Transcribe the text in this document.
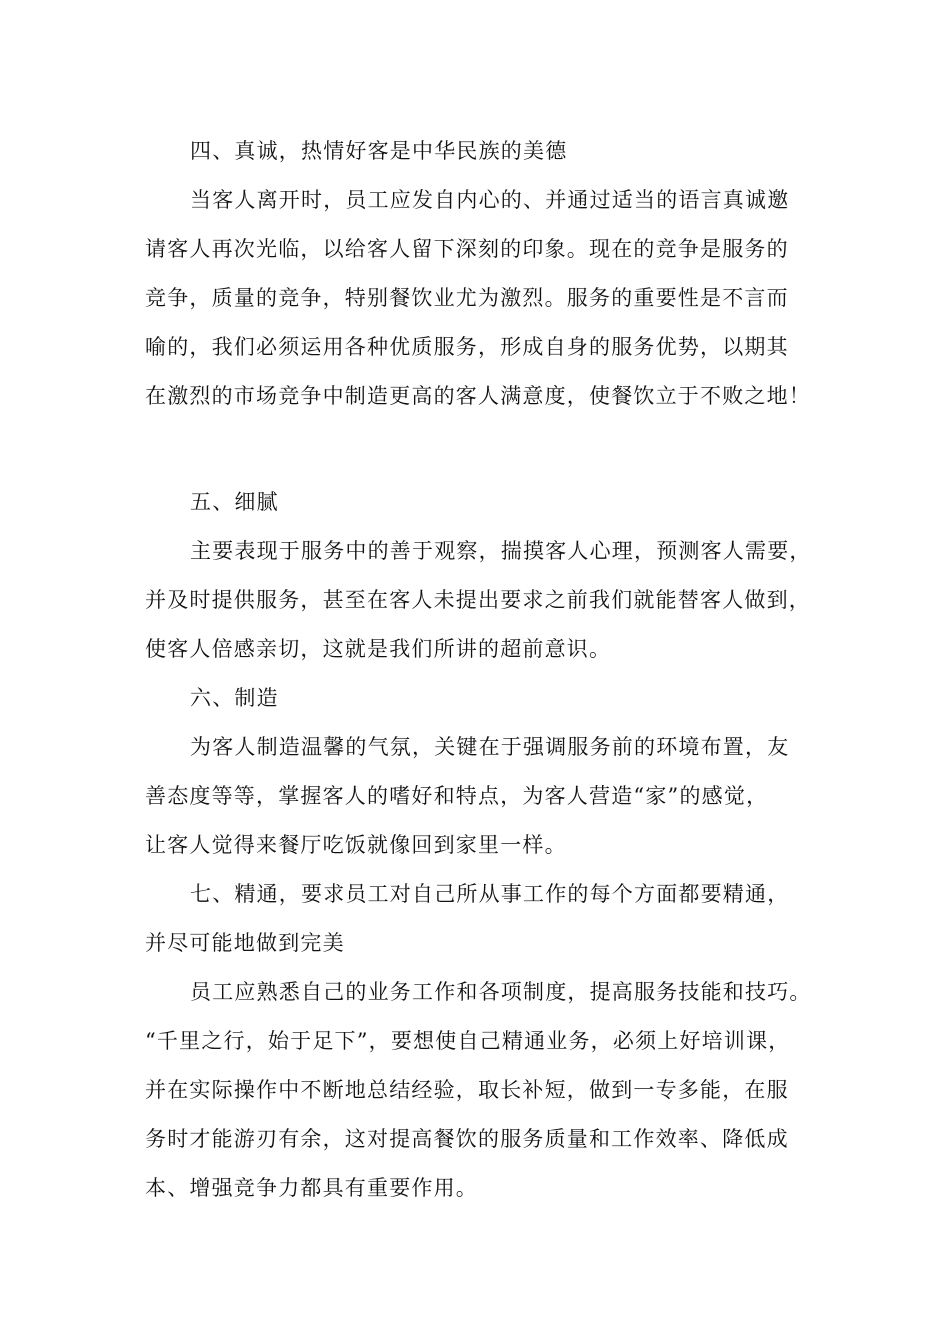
四、真诚，热情好客是中华民族的美德
当客人离开时，员工应发自内心的、并通过适当的语言真诚邀
请客人再次光临，以给客人留下深刻的印象。现在的竞争是服务的
竞争，质量的竞争，特别餐饮业尤为激烈。服务的重要性是不言而
喻的，我们必须运用各种优质服务，形成自身的服务优势，以期其
在激烈的市场竞争中制造更高的客人满意度，使餐饮立于不败之地！
五、细腻
主要表现于服务中的善于观察，揣摸客人心理，预测客人需要，
并及时提供服务，甚至在客人未提出要求之前我们就能替客人做到，
使客人倍感亲切，这就是我们所讲的超前意识。
六、制造
为客人制造温馨的气氛，关键在于强调服务前的环境布置，友
善态度等等，掌握客人的嗜好和特点，为客人营造“家”的感觉，
让客人觉得来餐厅吃饭就像回到家里一样。
七、精通，要求员工对自己所从事工作的每个方面都要精通，
并尽可能地做到完美
员工应熟悉自己的业务工作和各项制度，提高服务技能和技巧。
“千里之行，始于足下”，要想使自己精通业务，必须上好培训课，
并在实际操作中不断地总结经验，取长补短，做到一专多能，在服
务时才能游刃有余，这对提高餐饮的服务质量和工作效率、降低成
本、增强竞争力都具有重要作用。
